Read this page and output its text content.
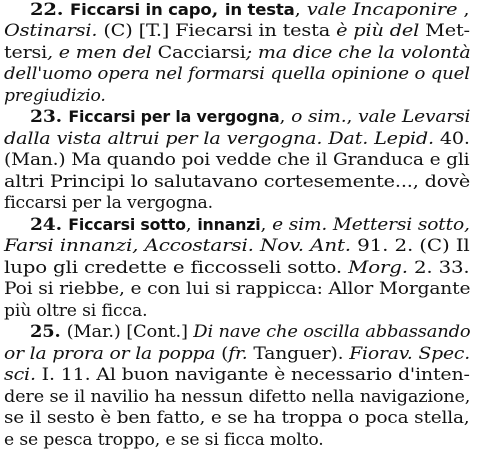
22. Ficcarsi in capo, in testa, vale Incaponire ,
Ostinarsi. (C) [T.] Fiecarsi in testa è più del Met-
tersi, e men del Cacciarsi; ma dice che la volontà
dell'uomo opera nel formarsi quella opinione o quel
pregiudizio.
23. Ficcarsi per la vergogna, o sim., vale Levarsi
dalla vista altrui per la vergogna. Dat. Lepid. 40.
(Man.) Ma quando poi vedde che il Granduca e gli
altri Principi lo salutavano cortesemente..., dovè
ficcarsi per la vergogna.
24. Ficcarsi sotto, innanzi, e sim. Mettersi sotto,
Farsi innanzi, Accostarsi. Nov. Ant. 91. 2. (C) Il
lupo gli credette e ficcosseli sotto. Morg. 2. 33.
Poi si riebbe, e con lui si rappicca: Allor Morgante
più oltre si ficca.
25. (Mar.) [Cont.] Di nave che oscilla abbassando
or la prora or la poppa (fr. Tanguer). Fiorav. Spec.
sci. I. 11. Al buon navigante è necessario d'inten-
dere se il navilio ha nessun difetto nella navigazione,
se il sesto è ben fatto, e se ha troppa o poca stella,
e se pesca troppo, e se si ficca molto.
